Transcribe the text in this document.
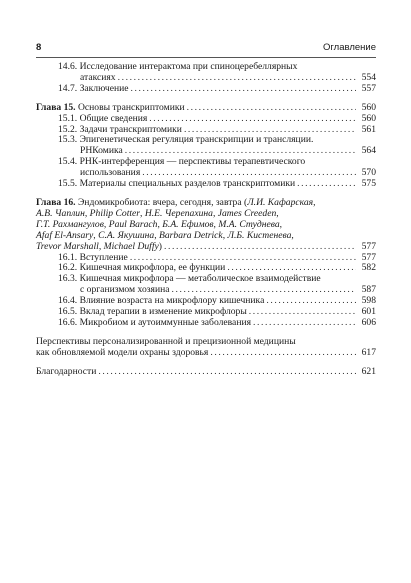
8	Оглавление
14.6. Исследование интерактома при спиноцеребеллярных
атаксиях .....	554
14.7. Заключение .....	557
Глава 15. Основы транскриптомики .....	560
15.1. Общие сведения .....	560
15.2. Задачи транскриптомики .....	561
15.3. Эпигенетическая регуляция транскрипции и трансляции.
РНКомика .....	564
15.4. РНК-интерференция — перспективы терапевтического
использования .....	570
15.5. Материалы специальных разделов транскриптомики .....	575
Глава 16. Эндомикробиота: вчера, сегодня, завтра (Л.И. Кафарская,
А.В. Чаплин, Philip Cotter, Н.Е. Черепахина, James Creeden,
Г.Т. Рахмангулов, Paul Barach, Б.А. Ефимов, М.А. Студнева,
Afaf El-Ansary, С.А. Якушина, Barbara Detrick, Л.Б. Кистенева,
Trevor Marshall, Michael Duffy) .....	577
16.1. Вступление .....	577
16.2. Кишечная микрофлора, ее функции .....	582
16.3. Кишечная микрофлора — метаболическое взаимодействие
с организмом хозяина .....	587
16.4. Влияние возраста на микрофлору кишечника .....	598
16.5. Вклад терапии в изменение микрофлоры .....	601
16.6. Микробиом и аутоиммунные заболевания .....	606
Перспективы персонализированной и прецизионной медицины
как обновляемой модели охраны здоровья .....	617
Благодарности .....	621
